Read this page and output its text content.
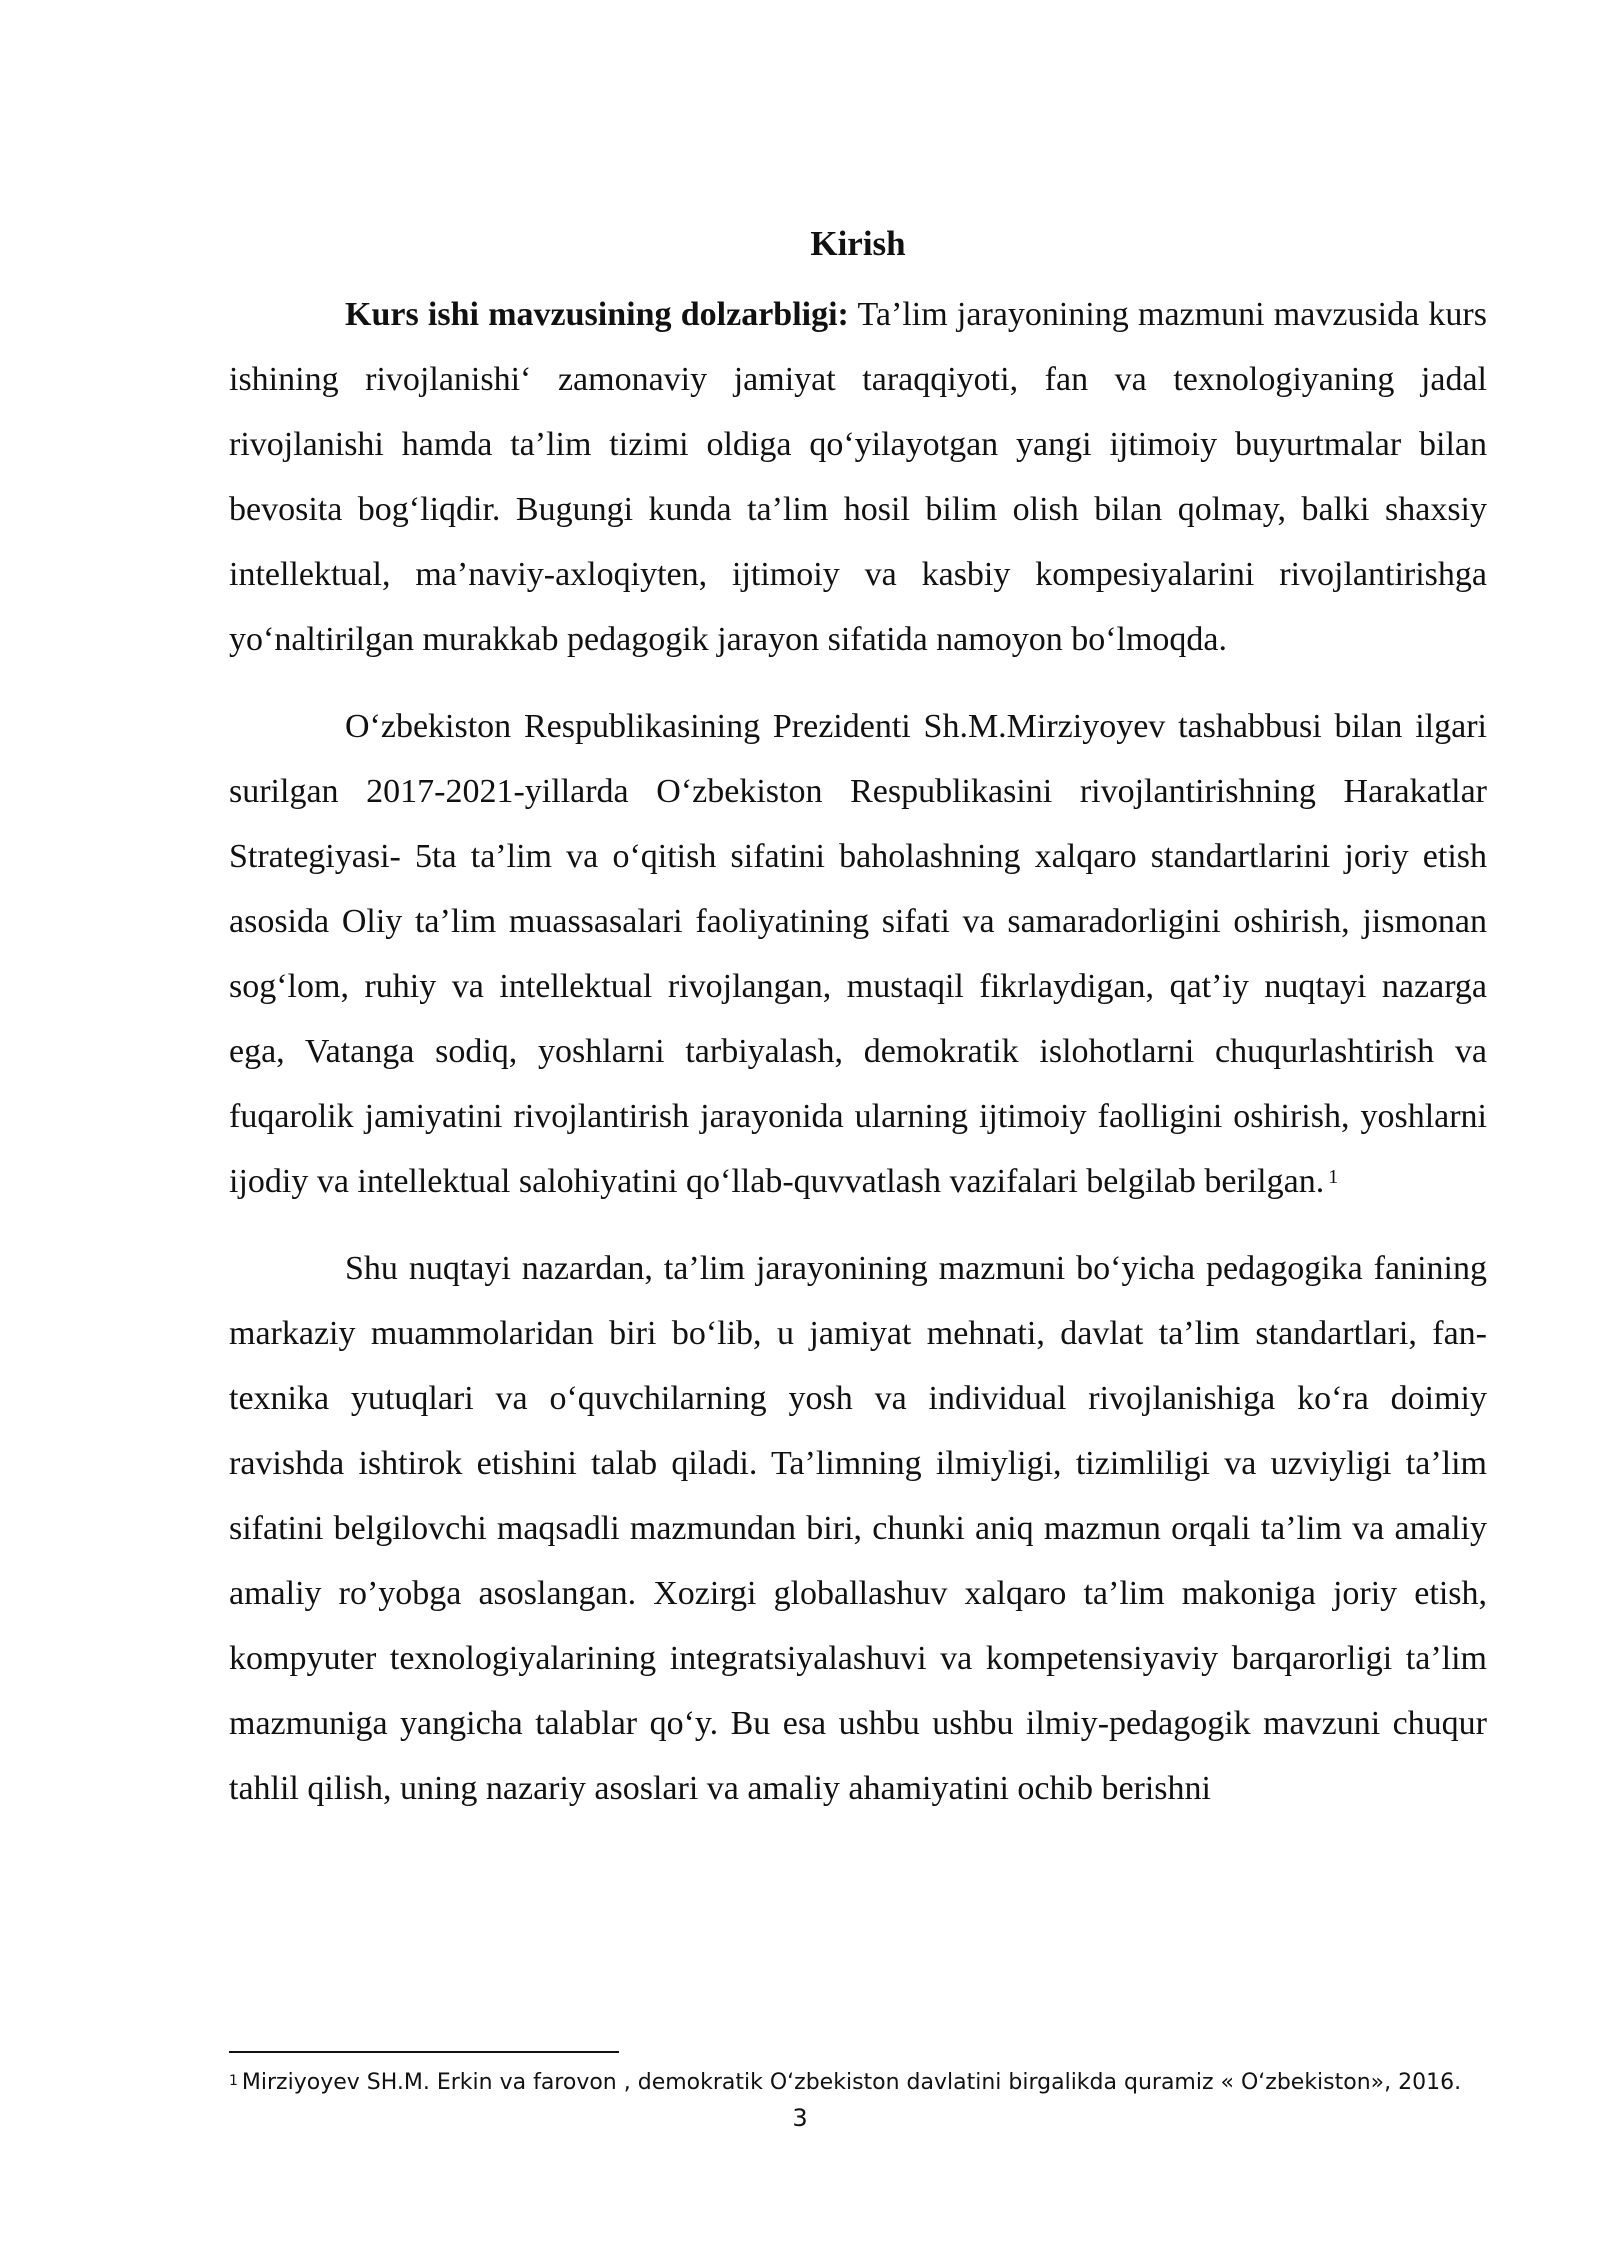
Kirish

Kurs ishi mavzusining dolzarbligi: Ta’lim jarayonining mazmuni mavzusida kurs ishining rivojlanishi‘ zamonaviy jamiyat taraqqiyoti, fan va texnologiyaning jadal rivojlanishi hamda ta’lim tizimi oldiga qo‘yilayotgan yangi ijtimoiy buyurtmalar bilan bevosita bog‘liqdir. Bugungi kunda ta’lim hosil bilim olish bilan qolmay, balki shaxsiy intellektual, ma’naviy-axloqiyten, ijtimoiy va kasbiy kompesiyalarini rivojlantirishga yo‘naltirilgan murakkab pedagogik jarayon sifatida namoyon bo‘lmoqda.

O‘zbekiston Respublikasining Prezidenti Sh.M.Mirziyoyev tashabbusi bilan ilgari surilgan 2017-2021-yillarda O‘zbekiston Respublikasini rivojlantirishning Harakatlar Strategiyasi- 5ta ta’lim va o‘qitish sifatini baholashning xalqaro standartlarini joriy etish asosida Oliy ta’lim muassasalari faoliyatining sifati va samaradorligini oshirish, jismonan sog‘lom, ruhiy va intellektual rivojlangan, mustaqil fikrlaydigan, qat’iy nuqtayi nazarga ega, Vatanga sodiq, yoshlarni tarbiyalash, demokratik islohotlarni chuqurlashtirish va fuqarolik jamiyatini rivojlantirish jarayonida ularning ijtimoiy faolligini oshirish, yoshlarni ijodiy va intellektual salohiyatini qo‘llab-quvvatlash vazifalari belgilab berilgan. $^1$

Shu nuqtayi nazardan, ta’lim jarayonining mazmuni bo‘yicha pedagogika fanining markaziy muammolaridan biri bo‘lib, u jamiyat mehnati, davlat ta’lim standartlari, fan-texnika yutuqlari va o‘quvchilarning yosh va individual rivojlanishiga ko‘ra doimiy ravishda ishtirok etishini talab qiladi. Ta’limning ilmiyligi, tizimliligi va uzviyligi ta’lim sifatini belgilovchi maqsadli mazmundan biri, chunki aniq mazmun orqali ta’lim va amaliy amaliy ro’yobga asoslangan. Xozirgi globallashuv xalqaro ta’lim makoniga joriy etish, kompyuter texnologiyalarining integratsiyalashuvi va kompetensiyaviy barqarorligi ta’lim mazmuniga yangicha talablar qo‘y. Bu esa ushbu ushbu ilmiy-pedagogik mavzuni chuqur tahlil qilish, uning nazariy asoslari va amaliy ahamiyatini ochib berishni

$^1$ Mirziyoyev SH.M. Erkin va farovon , demokratik O‘zbekiston davlatini birgalikda quramiz « O‘zbekiston», 2016.
3
